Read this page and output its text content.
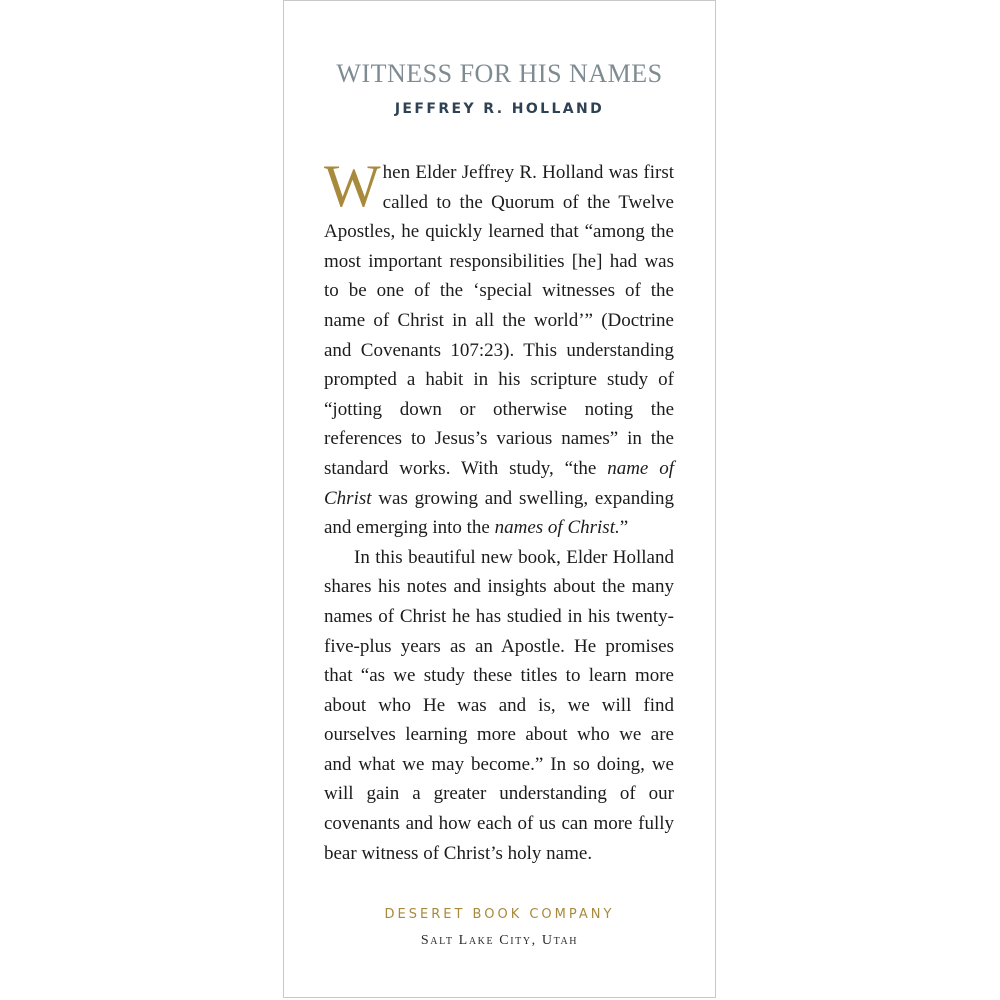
WITNESS FOR HIS NAMES
JEFFREY R. HOLLAND

When Elder Jeffrey R. Holland was first called to the Quorum of the Twelve Apostles, he quickly learned that “among the most important responsibilities [he] had was to be one of the ‘special witnesses of the name of Christ in all the world’” (Doctrine and Covenants 107:23). This understanding prompted a habit in his scripture study of “jotting down or otherwise noting the references to Jesus’s various names” in the standard works. With study, “the name of Christ was growing and swelling, expanding and emerging into the names of Christ.”

In this beautiful new book, Elder Holland shares his notes and insights about the many names of Christ he has studied in his twenty-five-plus years as an Apostle. He promises that “as we study these titles to learn more about who He was and is, we will find ourselves learning more about who we are and what we may become.” In so doing, we will gain a greater understanding of our covenants and how each of us can more fully bear witness of Christ’s holy name.

DESERET BOOK COMPANY
Salt Lake City, Utah
